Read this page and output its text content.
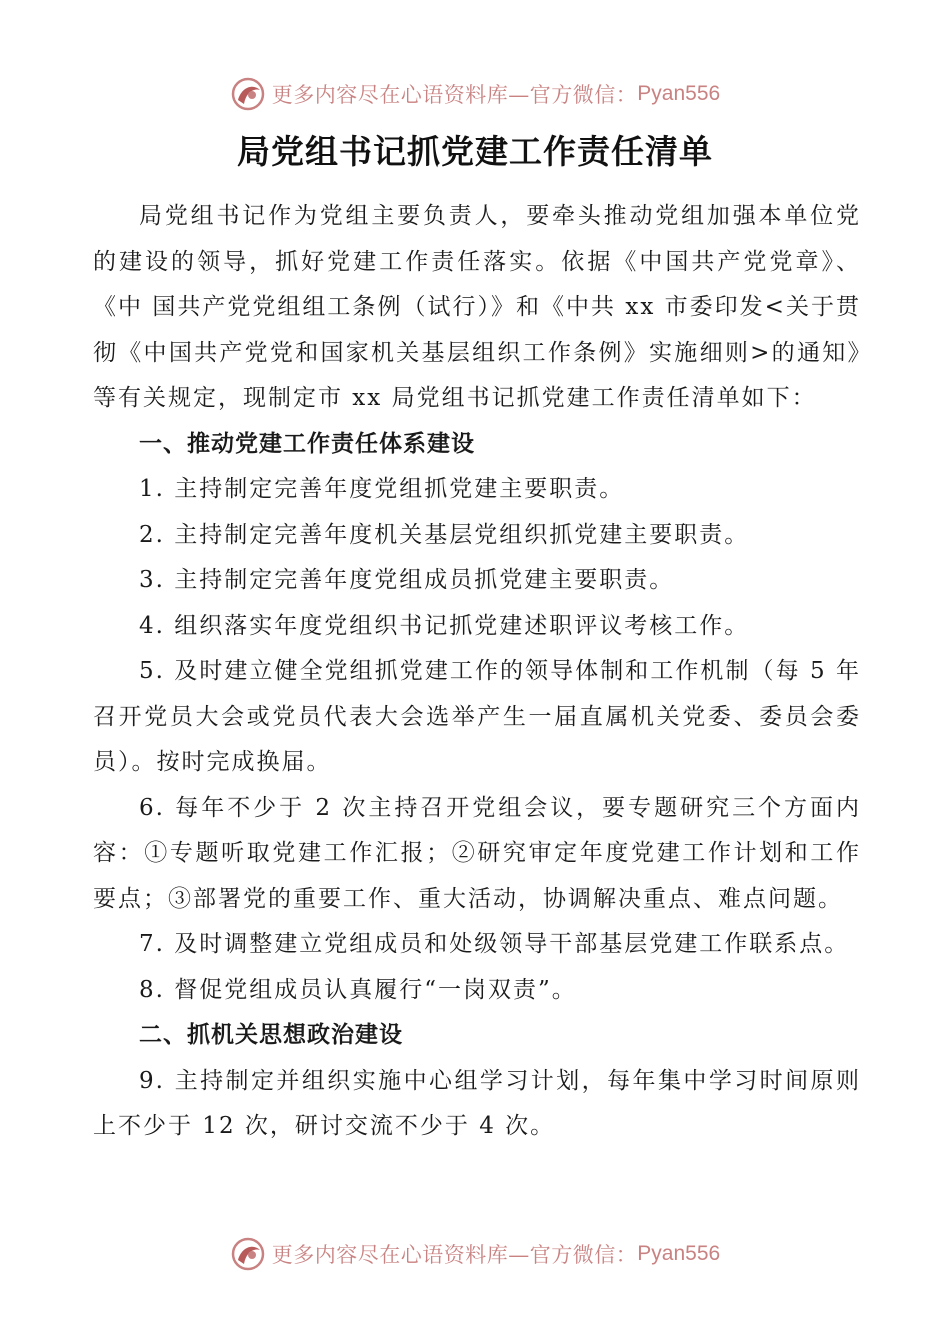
更多内容尽在心语资料库—官方微信： Pyan556
局党组书记抓党建工作责任清单

局党组书记作为党组主要负责人，要牵头推动党组加强本单位党的建设的领导，抓好党建工作责任落实。依据《中国共产党党章》、《中 国共产党党组组工条例（试行）》和《中共 xx 市委印发<关于贯彻《中国共产党党和国家机关基层组织工作条例》实施细则>的通知》等有关规定，现制定市 xx 局党组书记抓党建工作责任清单如下：

一、推动党建工作责任体系建设

1. 主持制定完善年度党组抓党建主要职责。

2. 主持制定完善年度机关基层党组织抓党建主要职责。

3. 主持制定完善年度党组成员抓党建主要职责。

4. 组织落实年度党组织书记抓党建述职评议考核工作。

5. 及时建立健全党组抓党建工作的领导体制和工作机制（每 5 年召开党员大会或党员代表大会选举产生一届直属机关党委、委员会委员）。按时完成换届。

6. 每年不少于 2 次主持召开党组会议，要专题研究三个方面内容：①专题听取党建工作汇报；②研究审定年度党建工作计划和工作要点；③部署党的重要工作、重大活动，协调解决重点、难点问题。

7. 及时调整建立党组成员和处级领导干部基层党建工作联系点。

8. 督促党组成员认真履行“一岗双责”。

二、抓机关思想政治建设

9. 主持制定并组织实施中心组学习计划，每年集中学习时间原则上不少于 12 次，研讨交流不少于 4 次。

更多内容尽在心语资料库—官方微信： Pyan556
